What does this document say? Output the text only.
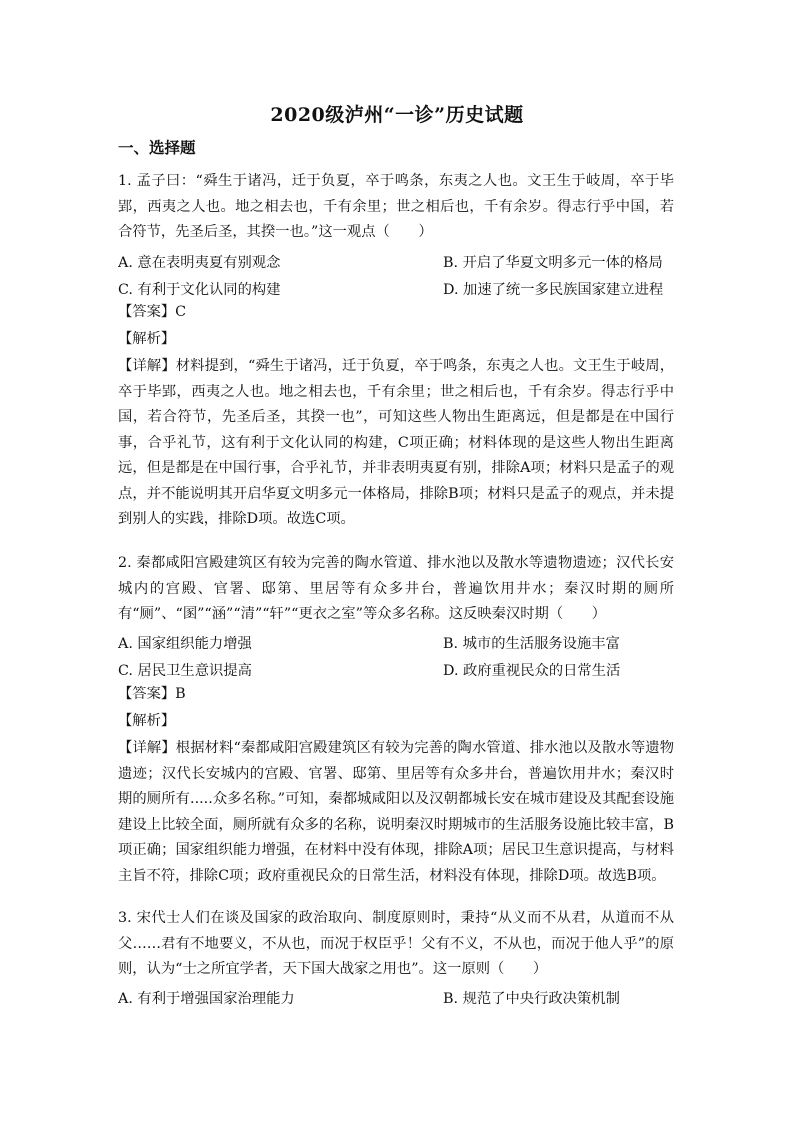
2020级泸州“一诊”历史试题
一、选择题

1. 孟子曰：“舜生于诸冯，迁于负夏，卒于鸣条，东夷之人也。文王生于岐周，卒于毕郢，西夷之人也。地之相去也，千有余里；世之相后也，千有余岁。得志行乎中国，若合符节，先圣后圣，其揆一也。”这一观点（　　）

A. 意在表明夷夏有别观念	B. 开启了华夏文明多元一体的格局
C. 有利于文化认同的构建	D. 加速了统一多民族国家建立进程
【答案】C
【解析】

【详解】材料提到，“舜生于诸冯，迁于负夏，卒于鸣条，东夷之人也。文王生于岐周，卒于毕郢，西夷之人也。地之相去也，千有余里；世之相后也，千有余岁。得志行乎中国，若合符节，先圣后圣，其揆一也”，可知这些人物出生距离远，但是都是在中国行事，合乎礼节，这有利于文化认同的构建，C项正确；材料体现的是这些人物出生距离远，但是都是在中国行事，合乎礼节，并非表明夷夏有别，排除A项；材料只是孟子的观点，并不能说明其开启华夏文明多元一体格局，排除B项；材料只是孟子的观点，并未提到别人的实践，排除D项。故选C项。

2. 秦都咸阳宫殿建筑区有较为完善的陶水管道、排水池以及散水等遗物遗迹；汉代长安城内的宫殿、官署、邸第、里居等有众多井台，普遍饮用井水；秦汉时期的厕所有“厕”、“圂”“涵”“清”“轩”“更衣之室”等众多名称。这反映秦汉时期（　　）

A. 国家组织能力增强	B. 城市的生活服务设施丰富
C. 居民卫生意识提高	D. 政府重视民众的日常生活
【答案】B
【解析】

【详解】根据材料“秦都咸阳宫殿建筑区有较为完善的陶水管道、排水池以及散水等遗物遗迹；汉代长安城内的宫殿、官署、邸第、里居等有众多井台，普遍饮用井水；秦汉时期的厕所有.....众多名称。”可知，秦都城咸阳以及汉朝都城长安在城市建设及其配套设施建设上比较全面，厕所就有众多的名称，说明秦汉时期城市的生活服务设施比较丰富，B项正确；国家组织能力增强，在材料中没有体现，排除A项；居民卫生意识提高，与材料主旨不符，排除C项；政府重视民众的日常生活，材料没有体现，排除D项。故选B项。

3. 宋代士人们在谈及国家的政治取向、制度原则时，秉持“从义而不从君，从道而不从父……君有不地要义，不从也，而况于权臣乎！父有不义，不从也，而况于他人乎”的原则，认为“士之所宜学者，天下国大战家之用也”。这一原则（　　）

A. 有利于增强国家治理能力	B. 规范了中央行政决策机制
